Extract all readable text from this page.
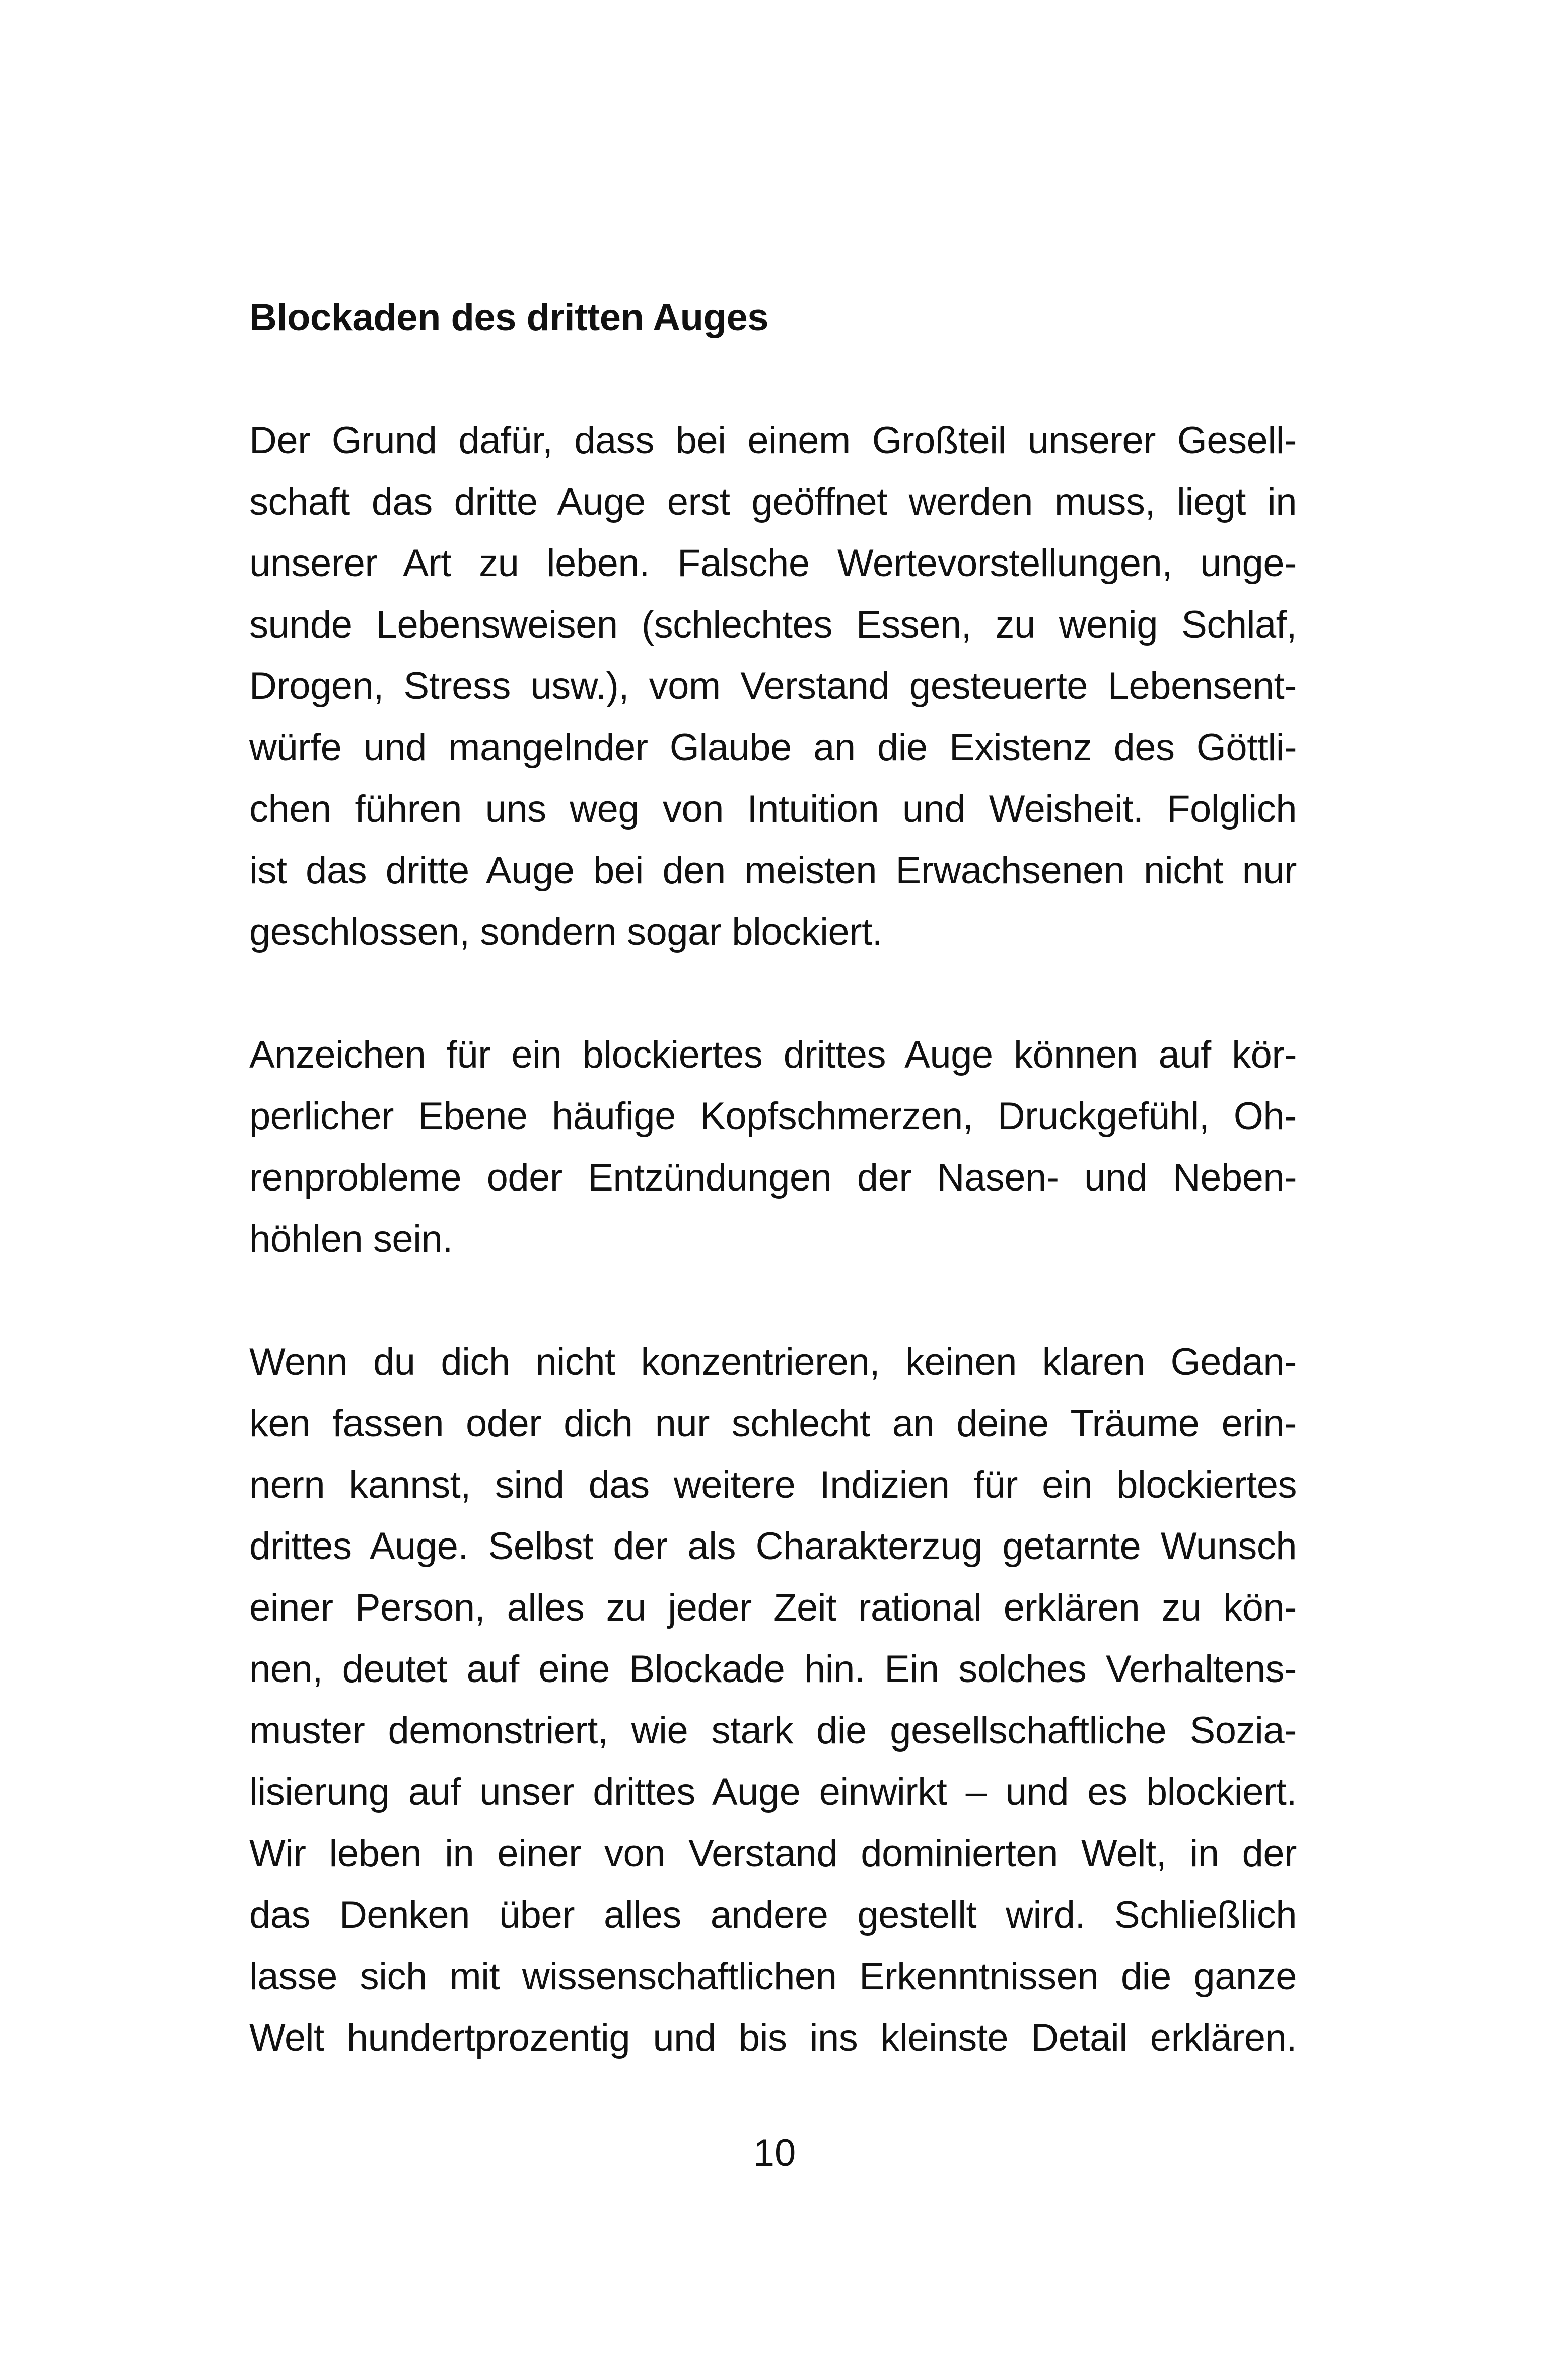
Blockaden des dritten Auges
Der Grund dafür, dass bei einem Großteil unserer Gesell-
schaft das dritte Auge erst geöffnet werden muss, liegt in
unserer Art zu leben. Falsche Wertevorstellungen, unge-
sunde Lebensweisen (schlechtes Essen, zu wenig Schlaf,
Drogen, Stress usw.), vom Verstand gesteuerte Lebensent-
würfe und mangelnder Glaube an die Existenz des Göttli-
chen führen uns weg von Intuition und Weisheit. Folglich
ist das dritte Auge bei den meisten Erwachsenen nicht nur
geschlossen, sondern sogar blockiert.
Anzeichen für ein blockiertes drittes Auge können auf kör-
perlicher Ebene häufige Kopfschmerzen, Druckgefühl, Oh-
renprobleme oder Entzündungen der Nasen- und Neben-
höhlen sein.
Wenn du dich nicht konzentrieren, keinen klaren Gedan-
ken fassen oder dich nur schlecht an deine Träume erin-
nern kannst, sind das weitere Indizien für ein blockiertes
drittes Auge. Selbst der als Charakterzug getarnte Wunsch
einer Person, alles zu jeder Zeit rational erklären zu kön-
nen, deutet auf eine Blockade hin. Ein solches Verhaltens-
muster demonstriert, wie stark die gesellschaftliche Sozia-
lisierung auf unser drittes Auge einwirkt – und es blockiert.
Wir leben in einer von Verstand dominierten Welt, in der
das Denken über alles andere gestellt wird. Schließlich
lasse sich mit wissenschaftlichen Erkenntnissen die ganze
Welt hundertprozentig und bis ins kleinste Detail erklären.
10
